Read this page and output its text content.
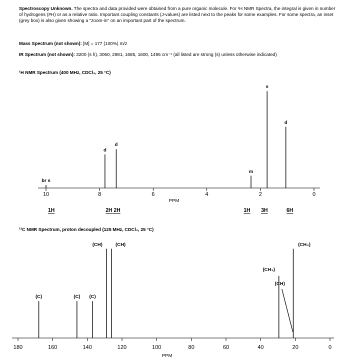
Spectroscopy Unknown. The spectra and data provided were obtained from a pure organic molecule. For ¹H NMR Spectra, the integral is given in number of hydrogens (#H) or as a relative ratio. Important coupling constants (J-values) are listed next to the peaks for some examples. For some spectra, an inset (grey box) is also given showing a "zoom-in" on an important part of the spectrum.
Mass Spectrum (not shown): [M] = 177 (100%) m/z
IR Spectrum (not shown): 3200 (s h), 3060, 2981, 1685, 1600, 1495 cm⁻¹ (all listed are strong (s) unless otherwise indicated)
¹H NMR Spectrum (400 MHz, CDCl₃, 25 °C)
¹³C NMR Spectrum, proton decoupled (125 MHz, CDCl₃, 25 °C)
10	8	6	4	2	0
PPM
br s
d
d
m
s
d
1H	2H 2H	1H 3H	6H
180	160	140	120	100	80	60	40	20	0
PPM
(C)	(C) (C)
(CH)	(CH)
(CH₃)
(CH₃)
(CH)
